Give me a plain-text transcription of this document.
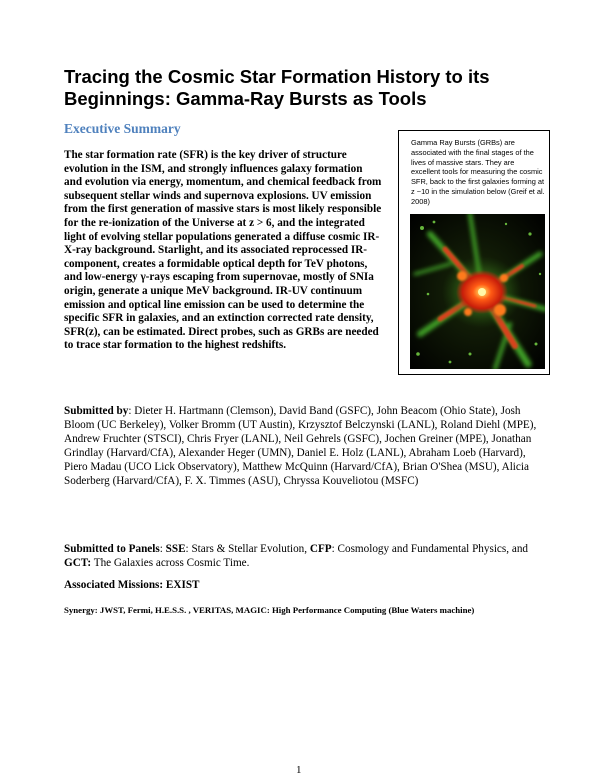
Tracing the Cosmic Star Formation History to its Beginnings: Gamma-Ray Bursts as Tools
Executive Summary

The star formation rate (SFR) is the key driver of structure evolution in the ISM, and strongly influences galaxy formation and evolution via energy, momentum, and chemical feedback from subsequent stellar winds and supernova explosions. UV emission from the first generation of massive stars is most likely responsible for the re-ionization of the Universe at z > 6, and the integrated light of evolving stellar populations generated a diffuse cosmic IR-X-ray background. Starlight, and its associated reprocessed IR-component, creates a formidable optical depth for TeV photons, and low-energy γ-rays escaping from supernovae, mostly of SNIa origin, generate a unique MeV background. IR-UV continuum emission and optical line emission can be used to determine the specific SFR in galaxies, and an extinction corrected rate density, SFR(z), can be estimated. Direct probes, such as GRBs are needed to trace star formation to the highest redshifts.

Gamma Ray Bursts (GRBs) are associated with the final stages of the lives of massive stars. They are excellent tools for measuring the cosmic SFR, back to the first galaxies forming at z ~10 in the simulation below (Greif et al. 2008)

Submitted by: Dieter H. Hartmann (Clemson), David Band (GSFC), John Beacom (Ohio State), Josh Bloom (UC Berkeley), Volker Bromm (UT Austin), Krzysztof Belczynski (LANL), Roland Diehl (MPE), Andrew Fruchter (STSCI), Chris Fryer (LANL), Neil Gehrels (GSFC), Jochen Greiner (MPE), Jonathan Grindlay (Harvard/CfA), Alexander Heger (UMN), Daniel E. Holz (LANL), Abraham Loeb (Harvard), Piero Madau (UCO Lick Observatory), Matthew McQuinn (Harvard/CfA), Brian O'Shea (MSU), Alicia Soderberg (Harvard/CfA), F. X. Timmes (ASU), Chryssa Kouveliotou (MSFC)

Submitted to Panels: SSE: Stars & Stellar Evolution, CFP: Cosmology and Fundamental Physics, and GCT: The Galaxies across Cosmic Time.

Associated Missions: EXIST

Synergy: JWST, Fermi, H.E.S.S. , VERITAS, MAGIC: High Performance Computing (Blue Waters machine)

1
